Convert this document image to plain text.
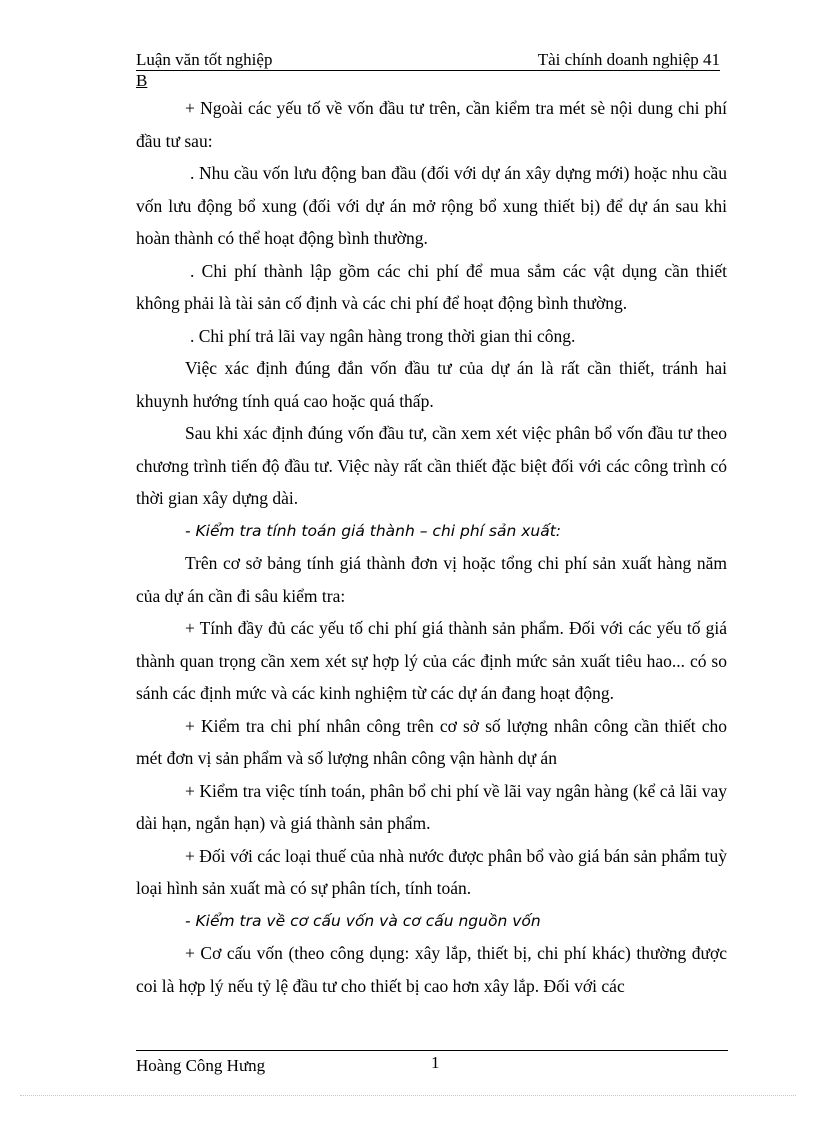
Luận văn tốt nghiệp	Tài chính doanh nghiệp 41
B

+ Ngoài các yếu tố về vốn đầu tư trên, cần kiểm tra mét sè nội dung chi phí đầu tư sau:

. Nhu cầu vốn lưu động ban đầu (đối với dự án xây dựng mới) hoặc nhu cầu vốn lưu động bổ xung (đối với dự án mở rộng bổ xung thiết bị) để dự án sau khi hoàn thành có thể hoạt động bình thường.

. Chi phí thành lập gồm các chi phí để mua sắm các vật dụng cần thiết không phải là tài sản cố định và các chi phí để hoạt động bình thường.

. Chi phí trả lãi vay ngân hàng trong thời gian thi công.

Việc xác định đúng đắn vốn đầu tư của dự án là rất cần thiết, tránh hai khuynh hướng tính quá cao hoặc quá thấp.

Sau khi xác định đúng vốn đầu tư, cần xem xét việc phân bổ vốn đầu tư theo chương trình tiến độ đầu tư. Việc này rất cần thiết đặc biệt đối với các công trình có thời gian xây dựng dài.

- Kiểm tra tính toán giá thành – chi phí sản xuất:

Trên cơ sở bảng tính giá thành đơn vị hoặc tổng chi phí sản xuất hàng năm của dự án cần đi sâu kiểm tra:

+ Tính đầy đủ các yếu tố chi phí giá thành sản phẩm. Đối với các yếu tố giá thành quan trọng cần xem xét sự hợp lý của các định mức sản xuất tiêu hao... có so sánh các định mức và các kinh nghiệm từ các dự án đang hoạt động.

+ Kiểm tra chi phí nhân công trên cơ sở số lượng nhân công cần thiết cho mét đơn vị sản phẩm và số lượng nhân công vận hành dự án

+ Kiểm tra việc tính toán, phân bổ chi phí về lãi vay ngân hàng (kể cả lãi vay dài hạn, ngắn hạn) và giá thành sản phẩm.

+ Đối với các loại thuế của nhà nước được phân bổ vào giá bán sản phẩm tuỳ loại hình sản xuất mà có sự phân tích, tính toán.

- Kiểm tra về cơ cấu vốn và cơ cấu nguồn vốn

+ Cơ cấu vốn (theo công dụng: xây lắp, thiết bị, chi phí khác) thường được coi là hợp lý nếu tỷ lệ đầu tư cho thiết bị cao hơn xây lắp. Đối với các

Hoàng Công Hưng	1
